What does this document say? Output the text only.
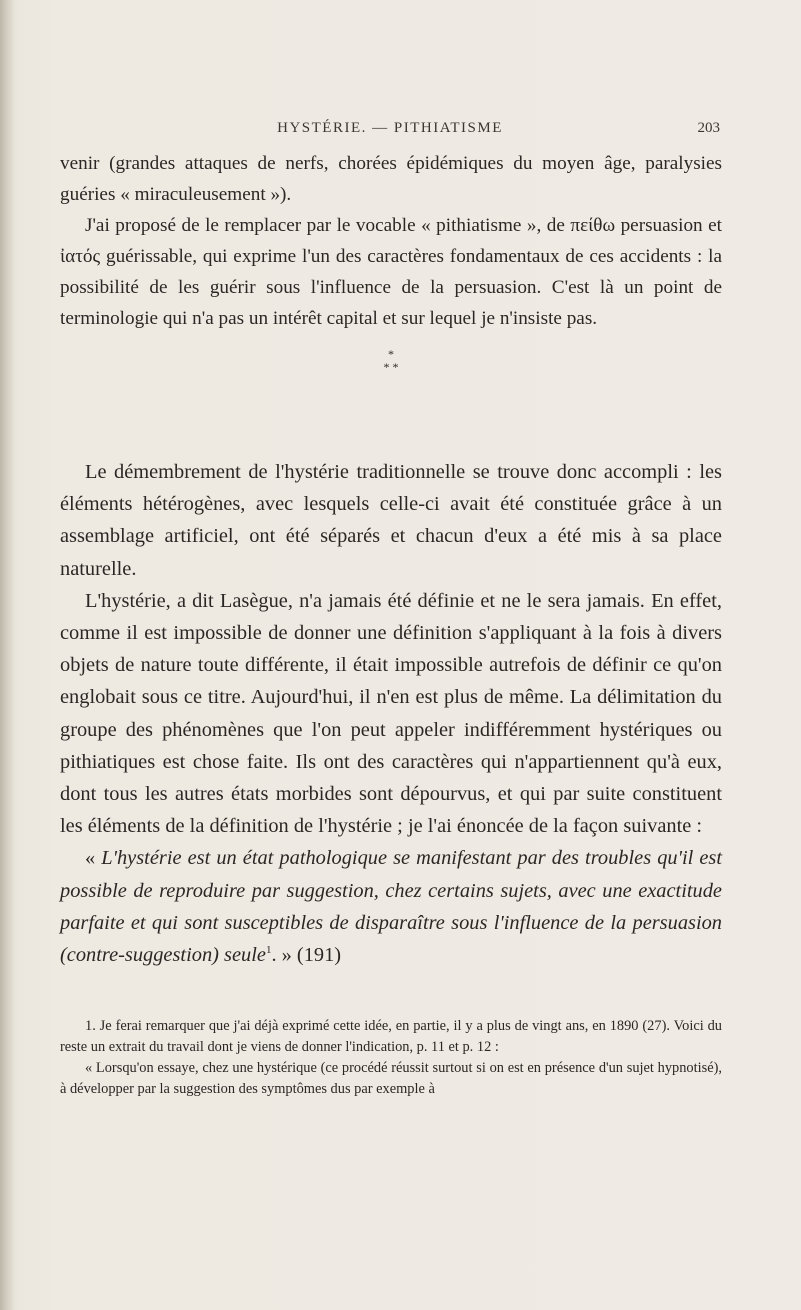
HYSTÉRIE. — PITHIATISME	203

venir (grandes attaques de nerfs, chorées épidémiques du moyen âge, paralysies guéries « miraculeusement »).

J'ai proposé de le remplacer par le vocable « pithiatisme », de πείθω persuasion et ἰατός guérissable, qui exprime l'un des caractères fondamentaux de ces accidents : la possibilité de les guérir sous l'influence de la persuasion. C'est là un point de terminologie qui n'a pas un intérêt capital et sur lequel je n'insiste pas.

*
* *

Le démembrement de l'hystérie traditionnelle se trouve donc accompli : les éléments hétérogènes, avec lesquels celle-ci avait été constituée grâce à un assemblage artificiel, ont été séparés et chacun d'eux a été mis à sa place naturelle.

L'hystérie, a dit Lasègue, n'a jamais été définie et ne le sera jamais. En effet, comme il est impossible de donner une définition s'appliquant à la fois à divers objets de nature toute différente, il était impossible autrefois de définir ce qu'on englobait sous ce titre. Aujourd'hui, il n'en est plus de même. La délimitation du groupe des phénomènes que l'on peut appeler indifféremment hystériques ou pithiatiques est chose faite. Ils ont des caractères qui n'appartiennent qu'à eux, dont tous les autres états morbides sont dépourvus, et qui par suite constituent les éléments de la définition de l'hystérie ; je l'ai énoncée de la façon suivante :

« L'hystérie est un état pathologique se manifestant par des troubles qu'il est possible de reproduire par suggestion, chez certains sujets, avec une exactitude parfaite et qui sont susceptibles de disparaître sous l'influence de la persuasion (contre-suggestion) seule$^1$. » (191)

1. Je ferai remarquer que j'ai déjà exprimé cette idée, en partie, il y a plus de vingt ans, en 1890 (27). Voici du reste un extrait du travail dont je viens de donner l'indication, p. 11 et p. 12 :

« Lorsqu'on essaye, chez une hystérique (ce procédé réussit surtout si on est en présence d'un sujet hypnotisé), à développer par la suggestion des symptômes dus par exemple à
